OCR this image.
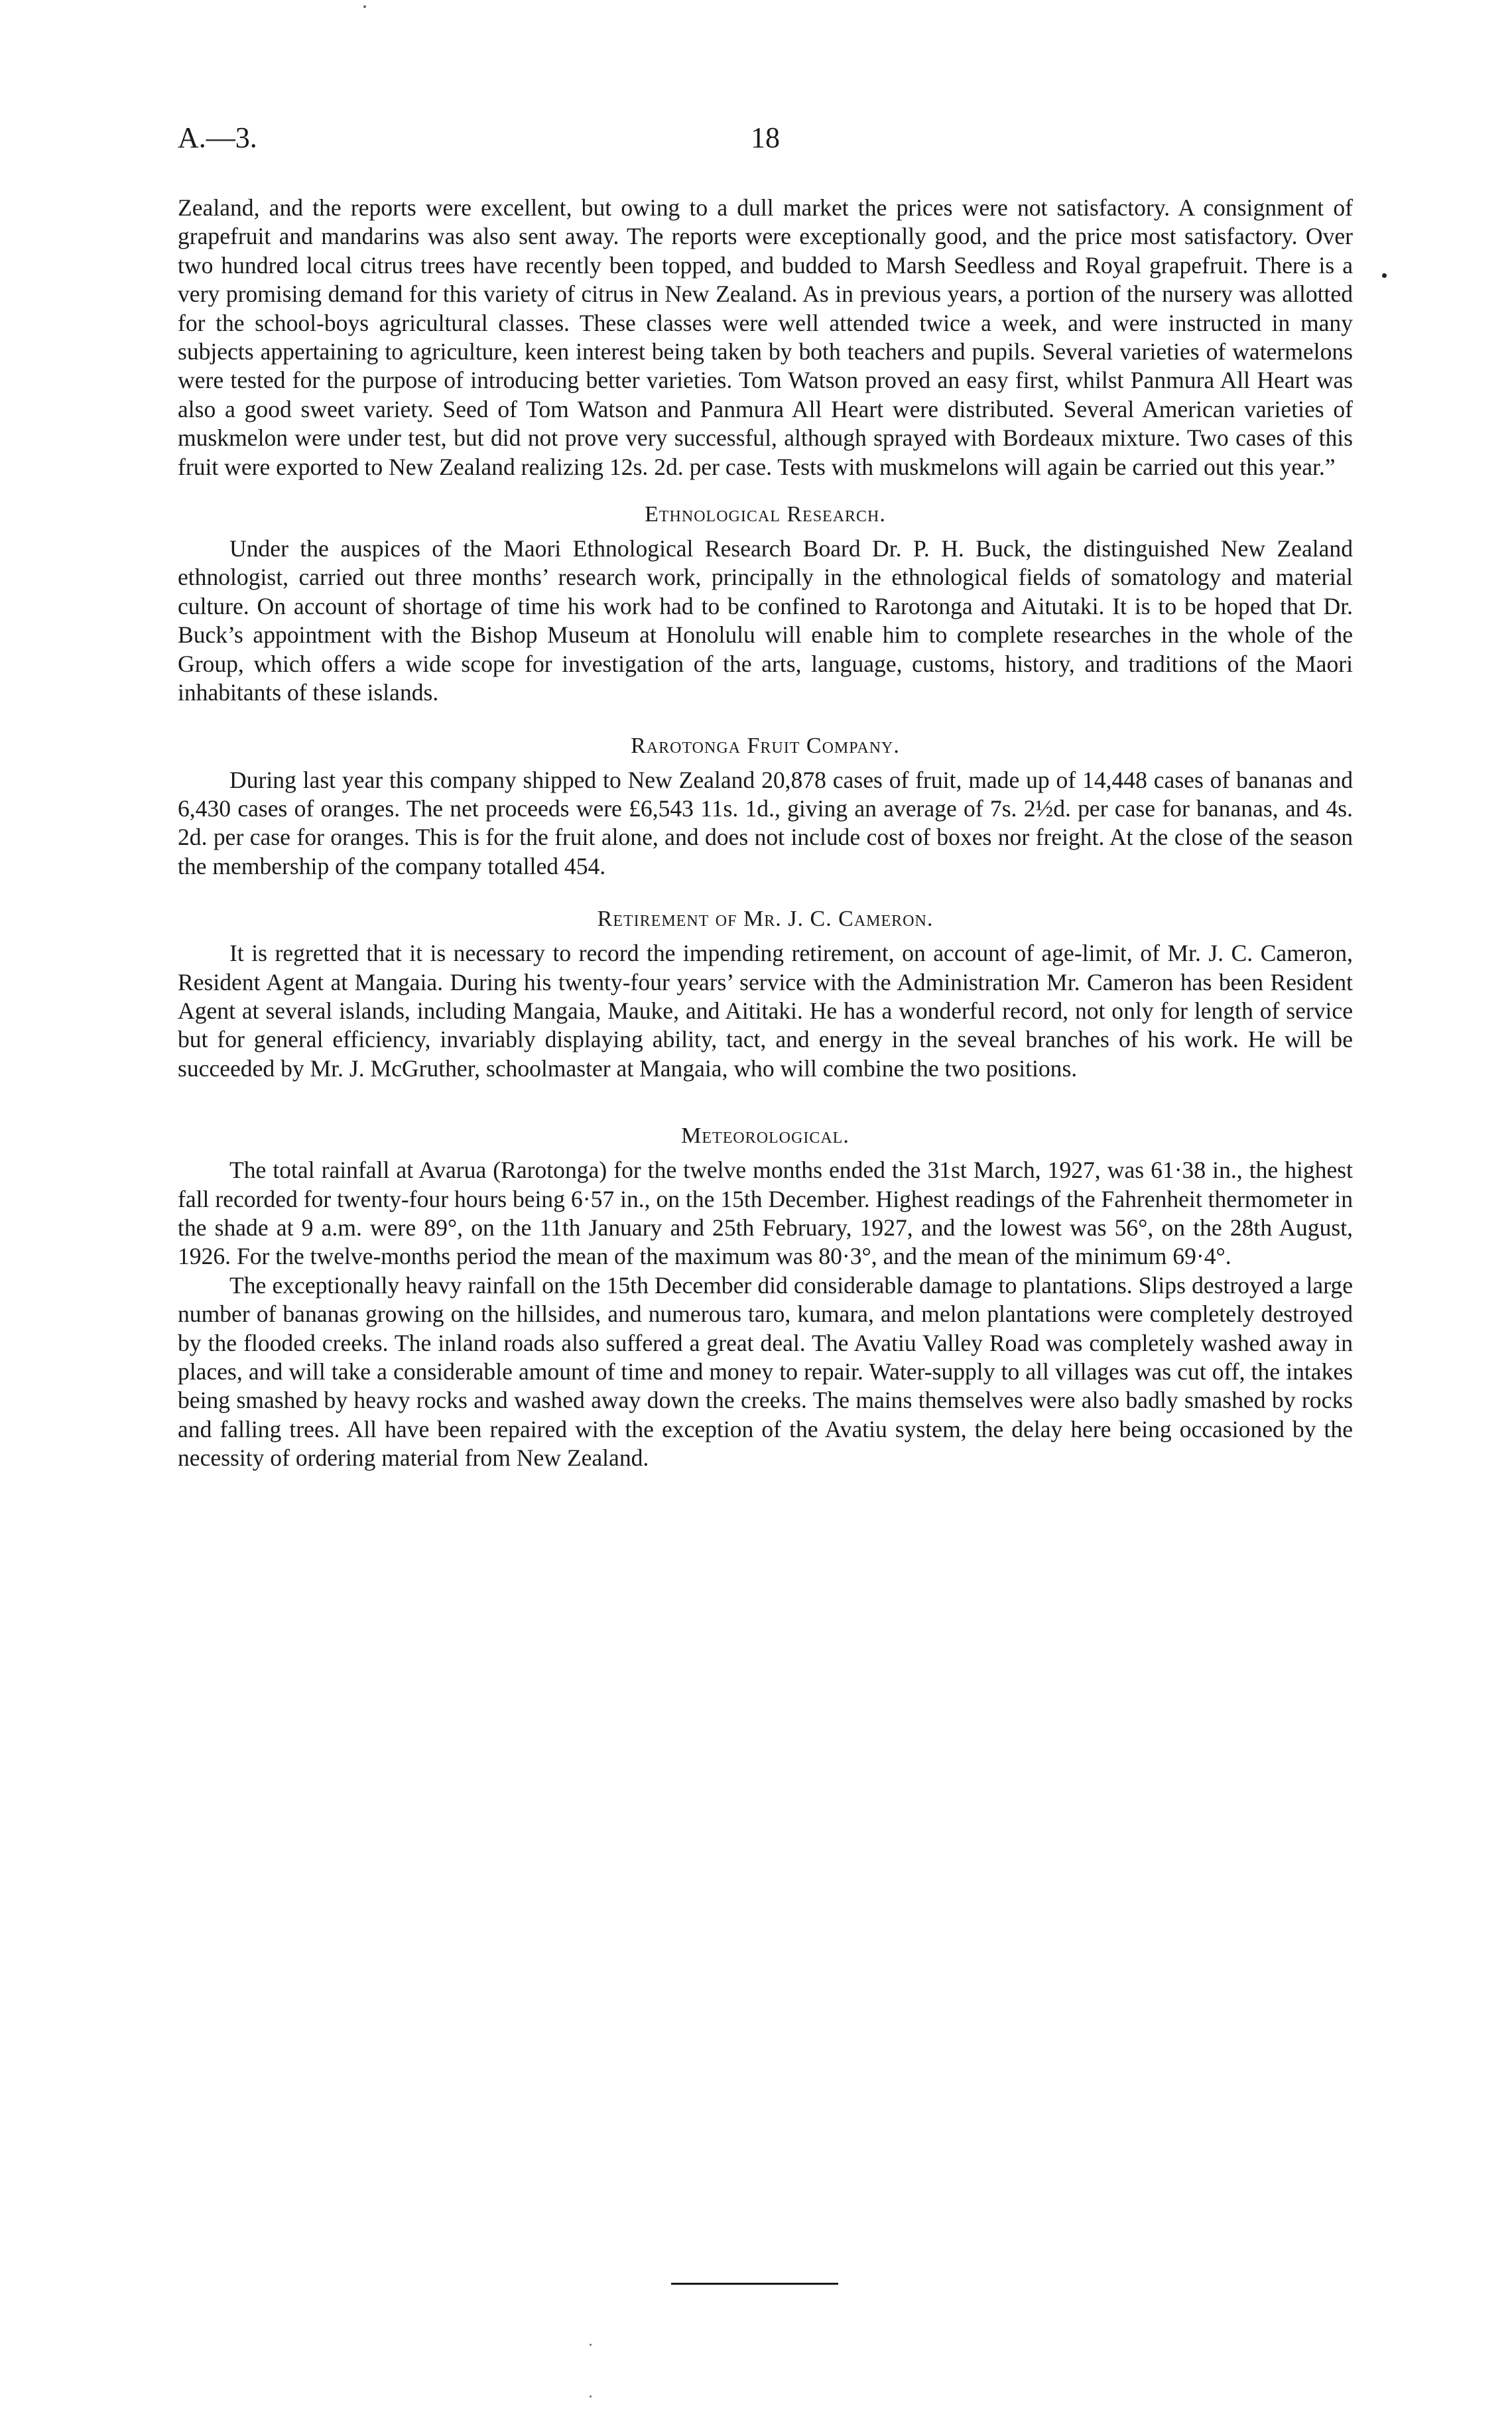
A.—3.	18

Zealand, and the reports were excellent, but owing to a dull market the prices were not satisfactory. A consignment of grapefruit and mandarins was also sent away. The reports were exceptionally good, and the price most satisfactory. Over two hundred local citrus trees have recently been topped, and budded to Marsh Seedless and Royal grapefruit. There is a very promising demand for this variety of citrus in New Zealand. As in previous years, a portion of the nursery was allotted for the school-boys agricultural classes. These classes were well attended twice a week, and were instructed in many subjects appertaining to agriculture, keen interest being taken by both teachers and pupils. Several varieties of watermelons were tested for the purpose of introducing better varieties. Tom Watson proved an easy first, whilst Panmura All Heart was also a good sweet variety. Seed of Tom Watson and Panmura All Heart were distributed. Several American varieties of muskmelon were under test, but did not prove very successful, although sprayed with Bordeaux mixture. Two cases of this fruit were exported to New Zealand realizing 12s. 2d. per case. Tests with muskmelons will again be carried out this year.”

Ethnological Research.

Under the auspices of the Maori Ethnological Research Board Dr. P. H. Buck, the distinguished New Zealand ethnologist, carried out three months’ research work, principally in the ethnological fields of somatology and material culture. On account of shortage of time his work had to be confined to Rarotonga and Aitutaki. It is to be hoped that Dr. Buck’s appointment with the Bishop Museum at Honolulu will enable him to complete researches in the whole of the Group, which offers a wide scope for investigation of the arts, language, customs, history, and traditions of the Maori inhabitants of these islands.

Rarotonga Fruit Company.

During last year this company shipped to New Zealand 20,878 cases of fruit, made up of 14,448 cases of bananas and 6,430 cases of oranges. The net proceeds were £6,543 11s. 1d., giving an average of 7s. 2½d. per case for bananas, and 4s. 2d. per case for oranges. This is for the fruit alone, and does not include cost of boxes nor freight. At the close of the season the membership of the company totalled 454.

Retirement of Mr. J. C. Cameron.

It is regretted that it is necessary to record the impending retirement, on account of age-limit, of Mr. J. C. Cameron, Resident Agent at Mangaia. During his twenty-four years’ service with the Administration Mr. Cameron has been Resident Agent at several islands, including Mangaia, Mauke, and Aititaki. He has a wonderful record, not only for length of service but for general efficiency, invariably displaying ability, tact, and energy in the seveal branches of his work. He will be succeeded by Mr. J. McGruther, schoolmaster at Mangaia, who will combine the two positions.

Meteorological.

The total rainfall at Avarua (Rarotonga) for the twelve months ended the 31st March, 1927, was 61·38 in., the highest fall recorded for twenty-four hours being 6·57 in., on the 15th December. Highest readings of the Fahrenheit thermometer in the shade at 9 a.m. were 89°, on the 11th January and 25th February, 1927, and the lowest was 56°, on the 28th August, 1926. For the twelve-months period the mean of the maximum was 80·3°, and the mean of the minimum 69·4°.

The exceptionally heavy rainfall on the 15th December did considerable damage to plantations. Slips destroyed a large number of bananas growing on the hillsides, and numerous taro, kumara, and melon plantations were completely destroyed by the flooded creeks. The inland roads also suffered a great deal. The Avatiu Valley Road was completely washed away in places, and will take a considerable amount of time and money to repair. Water-supply to all villages was cut off, the intakes being smashed by heavy rocks and washed away down the creeks. The mains themselves were also badly smashed by rocks and falling trees. All have been repaired with the exception of the Avatiu system, the delay here being occasioned by the necessity of ordering material from New Zealand.
